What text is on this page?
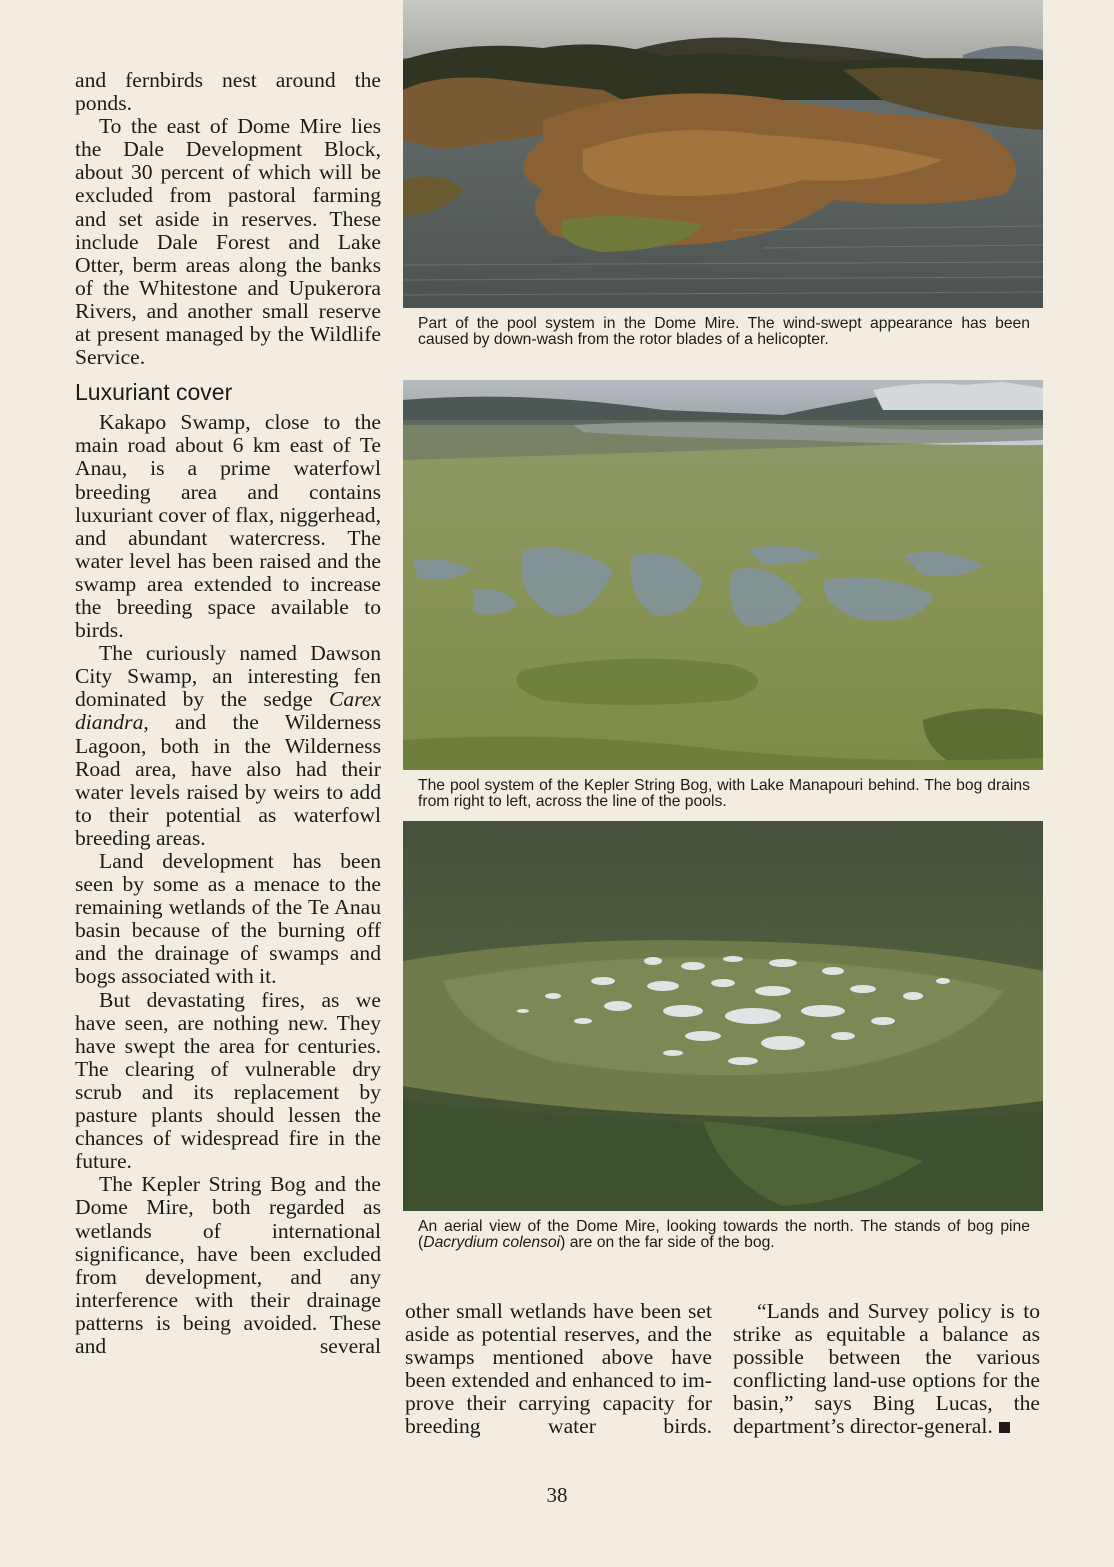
and fernbirds nest around the ponds.

To the east of Dome Mire lies the Dale Development Block, about 30 percent of which will be excluded from pastoral farming and set aside in reserves. These include Dale Forest and Lake Otter, berm areas along the banks of the Whitestone and Upukerora Rivers, and another small reserve at present managed by the Wildlife Service.

Luxuriant cover

Kakapo Swamp, close to the main road about 6 km east of Te Anau, is a prime waterfowl breeding area and contains luxuriant cover of flax, niggerhead, and abundant watercress. The water level has been raised and the swamp area extended to increase the breeding space available to birds.

The curiously named Dawson City Swamp, an interesting fen dominated by the sedge Carex diandra, and the Wilderness Lagoon, both in the Wilderness Road area, have also had their water levels raised by weirs to add to their potential as waterfowl breeding areas.

Land development has been seen by some as a menace to the remaining wetlands of the Te Anau basin because of the burning off and the drainage of swamps and bogs associated with it.

But devastating fires, as we have seen, are nothing new. They have swept the area for centuries. The clearing of vulnerable dry scrub and its replacement by pasture plants should lessen the chances of widespread fire in the future.

The Kepler String Bog and the Dome Mire, both regarded as wetlands of international significance, have been excluded from development, and any interference with their drainage patterns is being avoided. These and several

Part of the pool system in the Dome Mire. The wind-swept appearance has been caused by down-wash from the rotor blades of a helicopter.
The pool system of the Kepler String Bog, with Lake Manapouri behind. The bog drains from right to left, across the line of the pools.
An aerial view of the Dome Mire, looking towards the north. The stands of bog pine (Dacrydium colensoi) are on the far side of the bog.

other small wetlands have been set aside as potential reserves, and the swamps mentioned above have been extended and enhanced to improve their carrying capacity for breeding water birds.

“Lands and Survey policy is to strike as equitable a balance as possible between the various conflicting land-use options for the basin,” says Bing Lucas, the department’s director-general.

38
